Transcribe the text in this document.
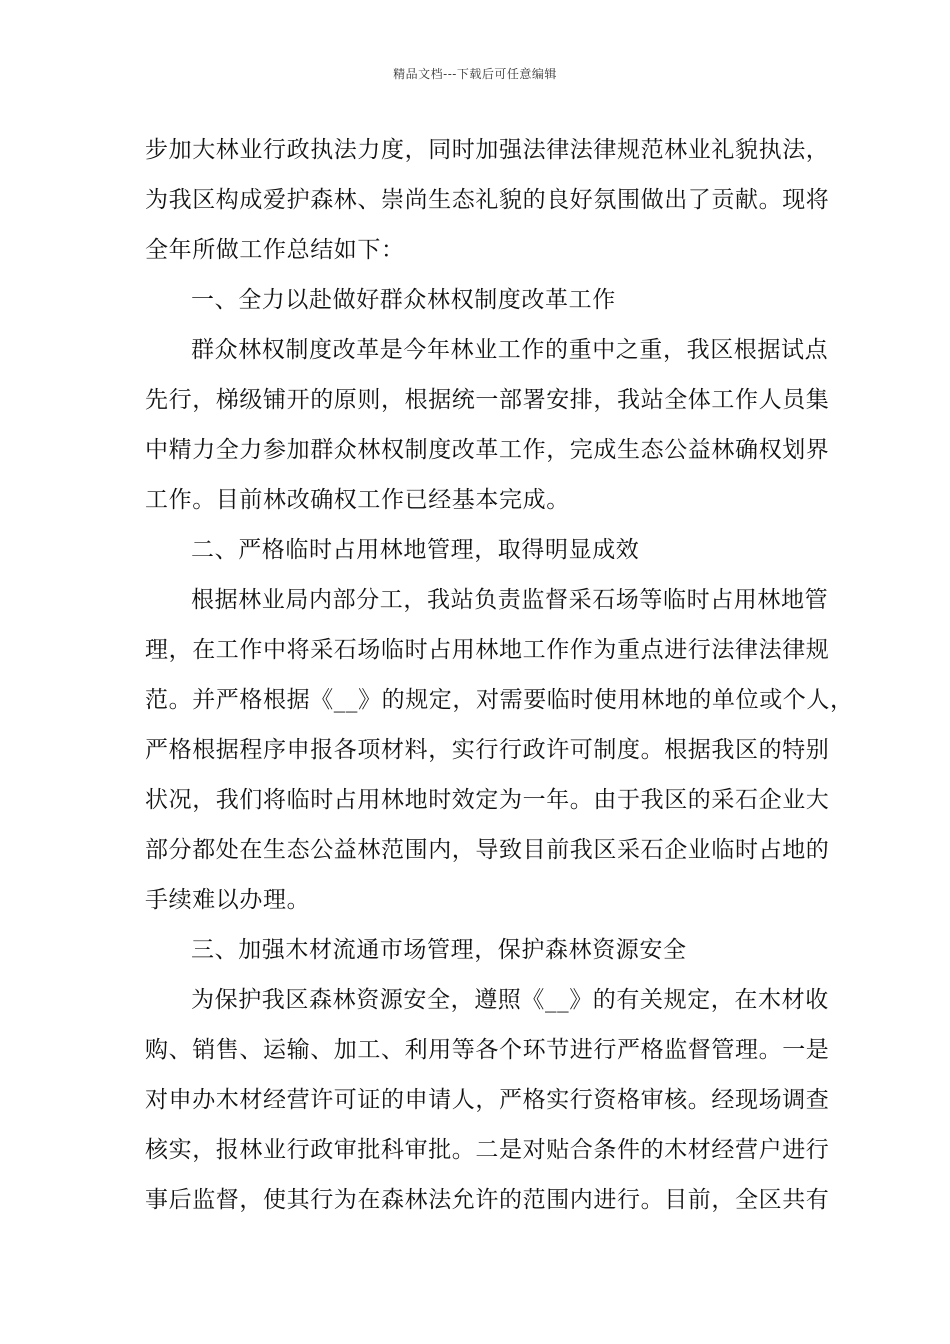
精品文档---下载后可任意编辑
步加大林业行政执法力度，同时加强法律法律规范林业礼貌执法，
为我区构成爱护森林、崇尚生态礼貌的良好氛围做出了贡献。现将
全年所做工作总结如下：
一、全力以赴做好群众林权制度改革工作
群众林权制度改革是今年林业工作的重中之重，我区根据试点
先行，梯级铺开的原则，根据统一部署安排，我站全体工作人员集
中精力全力参加群众林权制度改革工作，完成生态公益林确权划界
工作。目前林改确权工作已经基本完成。
二、严格临时占用林地管理，取得明显成效
根据林业局内部分工，我站负责监督采石场等临时占用林地管
理，在工作中将采石场临时占用林地工作作为重点进行法律法律规
范。并严格根据《__》的规定，对需要临时使用林地的单位或个人，
严格根据程序申报各项材料，实行行政许可制度。根据我区的特别
状况，我们将临时占用林地时效定为一年。由于我区的采石企业大
部分都处在生态公益林范围内，导致目前我区采石企业临时占地的
手续难以办理。
三、加强木材流通市场管理，保护森林资源安全
为保护我区森林资源安全，遵照《__》的有关规定，在木材收
购、销售、运输、加工、利用等各个环节进行严格监督管理。一是
对申办木材经营许可证的申请人，严格实行资格审核。经现场调查
核实，报林业行政审批科审批。二是对贴合条件的木材经营户进行
事后监督，使其行为在森林法允许的范围内进行。目前，全区共有
